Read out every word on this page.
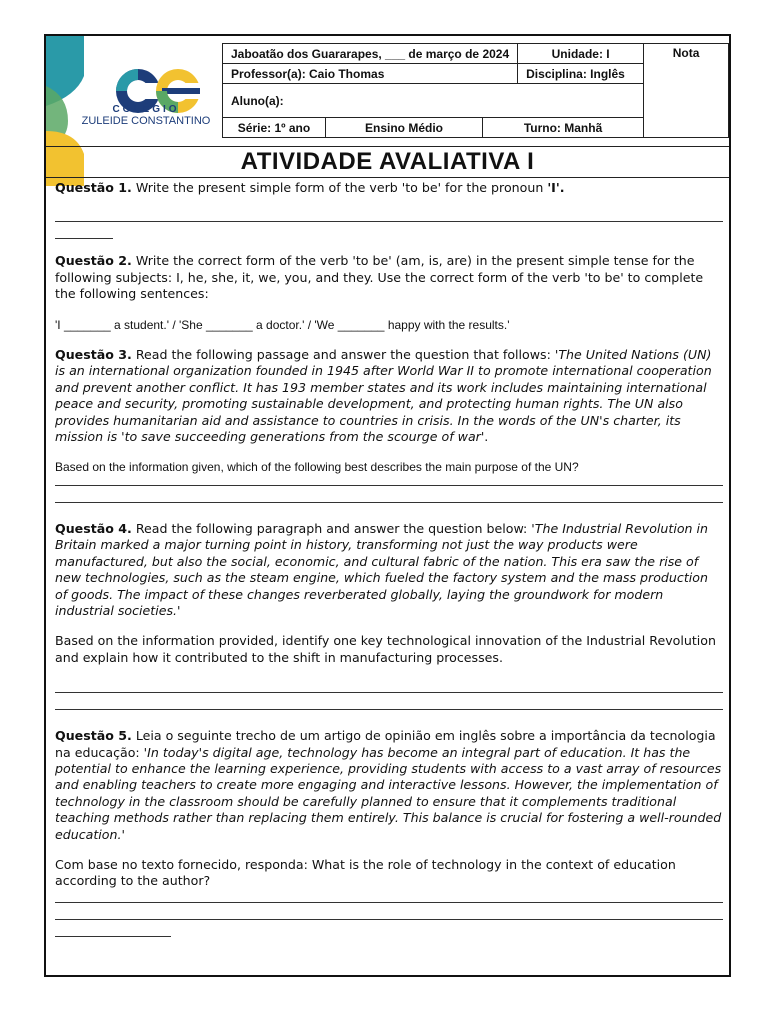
COLÉGIO
ZULEIDE CONSTANTINO
Jaboatão dos Guararapes, ___ de março de 2024			Unidade: I	Nota
Professor(a): Caio Thomas			Disciplina: Inglês	
Aluno(a):				
Série: 1º ano	Ensino Médio	Turno: Manhã		
ATIVIDADE AVALIATIVA I

Questão 1. Write the present simple form of the verb 'to be' for the pronoun 'I'.

Questão 2. Write the correct form of the verb 'to be' (am, is, are) in the present simple tense for the following subjects: I, he, she, it, we, you, and they. Use the correct form of the verb 'to be' to complete the following sentences:

'I _______ a student.' / 'She _______ a doctor.' / 'We _______ happy with the results.'

Questão 3. Read the following passage and answer the question that follows: 'The United Nations (UN) is an international organization founded in 1945 after World War II to promote international cooperation and prevent another conflict. It has 193 member states and its work includes maintaining international peace and security, promoting sustainable development, and protecting human rights. The UN also provides humanitarian aid and assistance to countries in crisis. In the words of the UN's charter, its mission is 'to save succeeding generations from the scourge of war'.

Based on the information given, which of the following best describes the main purpose of the UN?

Questão 4. Read the following paragraph and answer the question below: 'The Industrial Revolution in Britain marked a major turning point in history, transforming not just the way products were manufactured, but also the social, economic, and cultural fabric of the nation. This era saw the rise of new technologies, such as the steam engine, which fueled the factory system and the mass production of goods. The impact of these changes reverberated globally, laying the groundwork for modern industrial societies.'

Based on the information provided, identify one key technological innovation of the Industrial Revolution and explain how it contributed to the shift in manufacturing processes.

Questão 5. Leia o seguinte trecho de um artigo de opinião em inglês sobre a importância da tecnologia na educação: 'In today's digital age, technology has become an integral part of education. It has the potential to enhance the learning experience, providing students with access to a vast array of resources and enabling teachers to create more engaging and interactive lessons. However, the implementation of technology in the classroom should be carefully planned to ensure that it complements traditional teaching methods rather than replacing them entirely. This balance is crucial for fostering a well-rounded education.'

Com base no texto fornecido, responda: What is the role of technology in the context of education according to the author?
